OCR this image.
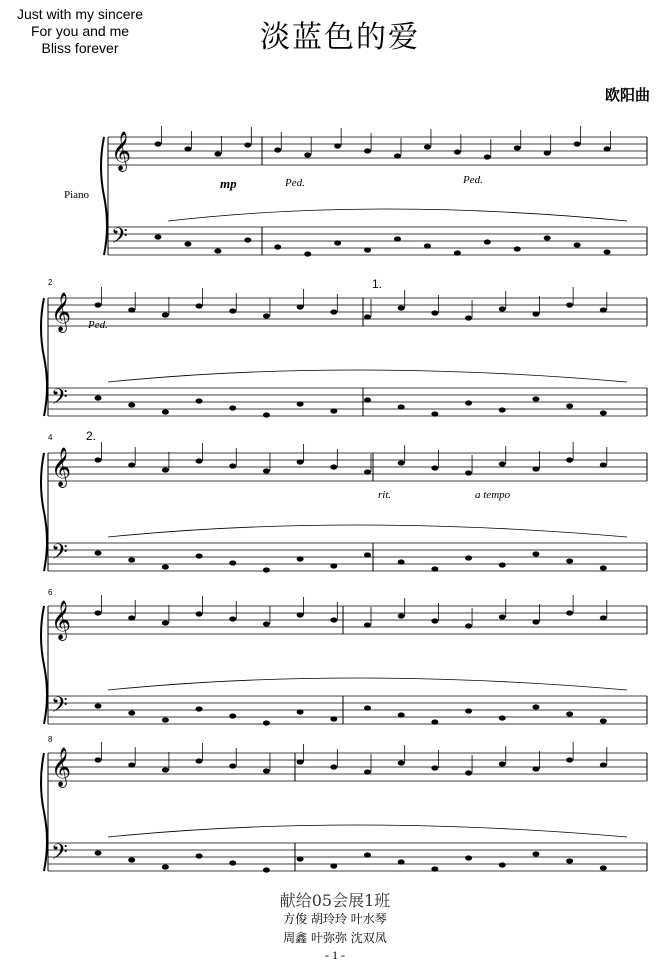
Just with my sincere
For you and me
Bliss forever	淡蓝色的爱
欧阳曲
Piano
𝄞
𝄢
𝄞
𝄢
𝄞
𝄢
𝄞
𝄢
𝄞
𝄢
mp	Ped.	Ped.
Ped.
1.
2.
rit.	a tempo
2
4
6
8
献给05会展1班
方俊 胡玲玲 叶水琴
周鑫 叶弥弥 沈双凤
- 1 -
